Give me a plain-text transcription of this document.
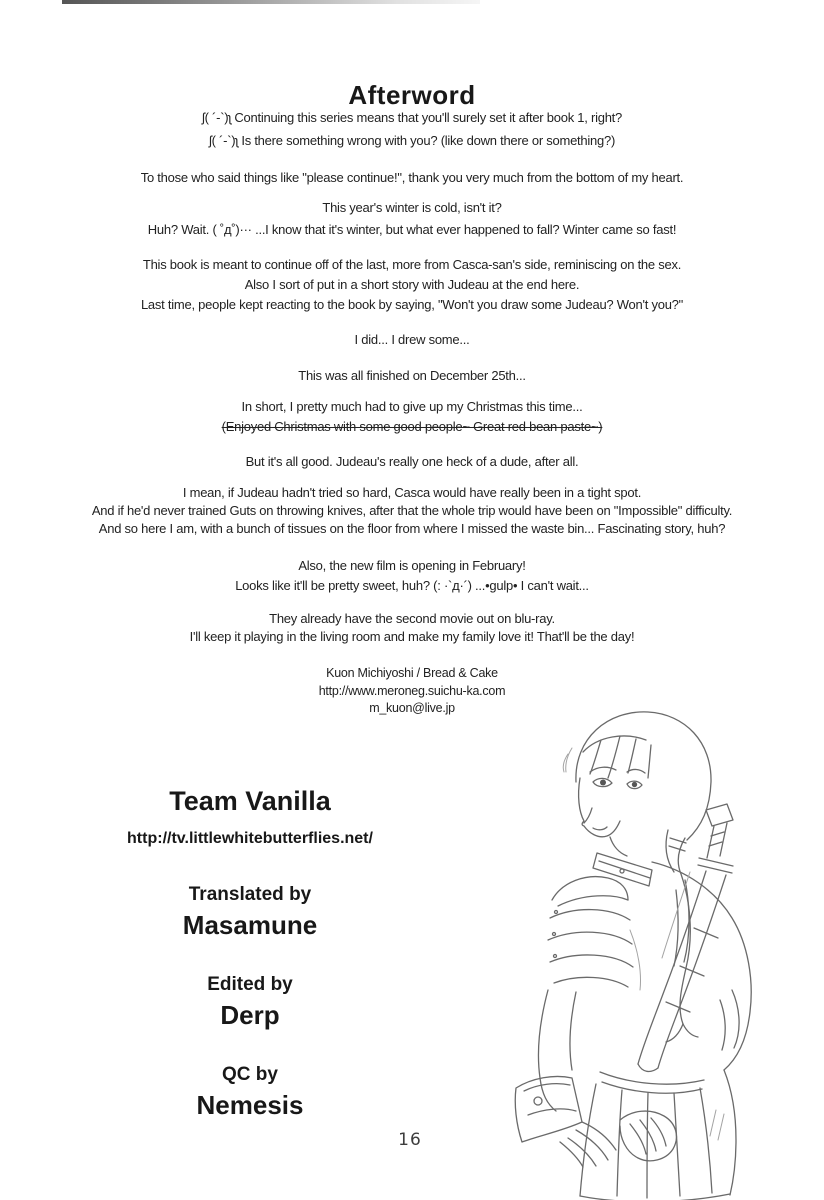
Afterword
ʃ( ´-`)ʅ Continuing this series means that you'll surely set it after book 1, right?
ʃ( ´-`)ʅ Is there something wrong with you? (like down there or something?)
To those who said things like "please continue!", thank you very much from the bottom of my heart.
This year's winter is cold, isn't it?
Huh? Wait. ( ˚д˚)··· ...I know that it's winter, but what ever happened to fall? Winter came so fast!
This book is meant to continue off of the last, more from Casca-san's side, reminiscing on the sex.
Also I sort of put in a short story with Judeau at the end here.
Last time, people kept reacting to the book by saying, "Won't you draw some Judeau? Won't you?"
I did... I drew some...
This was all finished on December 25th...
In short, I pretty much had to give up my Christmas this time...
(Enjoyed Christmas with some good people~ Great red bean paste~)
But it's all good. Judeau's really one heck of a dude, after all.
I mean, if Judeau hadn't tried so hard, Casca would have really been in a tight spot.
And if he'd never trained Guts on throwing knives, after that the whole trip would have been on "Impossible" difficulty.
And so here I am, with a bunch of tissues on the floor from where I missed the waste bin... Fascinating story, huh?
Also, the new film is opening in February!
Looks like it'll be pretty sweet, huh? (: ·`д·´) ...•gulp• I can't wait...
They already have the second movie out on blu-ray.
I'll keep it playing in the living room and make my family love it! That'll be the day!
Kuon Michiyoshi / Bread & Cake
http://www.meroneg.suichu-ka.com
m_kuon@live.jp
Team Vanilla
http://tv.littlewhitebutterflies.net/
Translated by
Masamune
Edited by
Derp
QC by
Nemesis
16
